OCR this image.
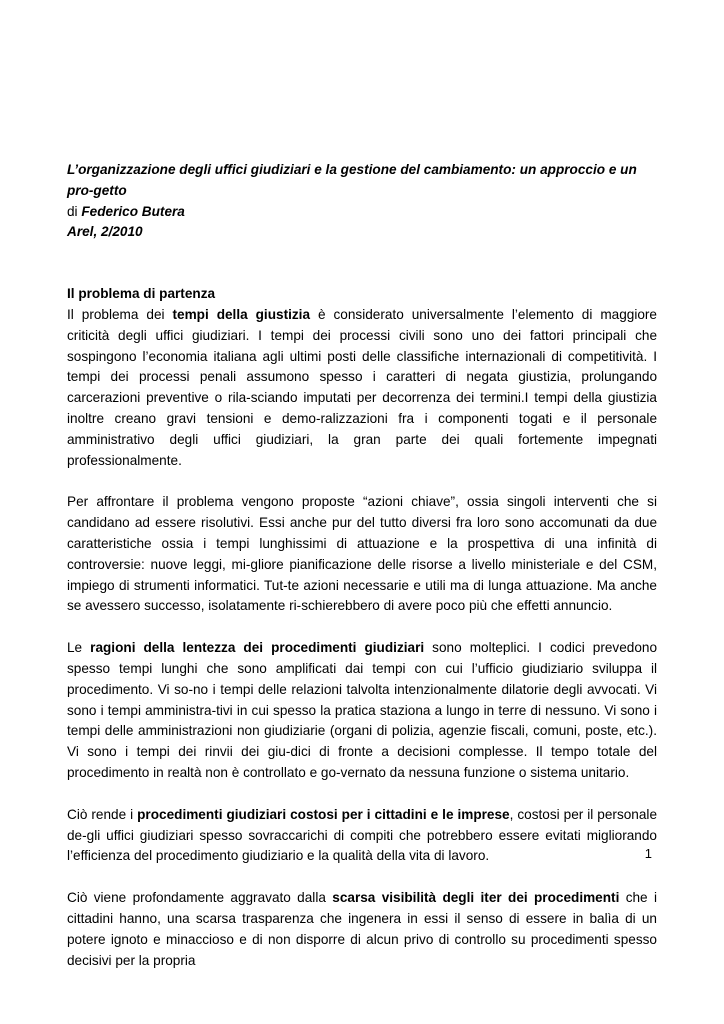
L’organizzazione degli uffici giudiziari e la gestione del cambiamento: un approccio e un pro-getto

di Federico Butera

Arel, 2/2010

Il problema di partenza

Il problema dei tempi della giustizia è considerato universalmente l’elemento di maggiore criticità degli uffici giudiziari. I tempi dei processi civili sono uno dei fattori principali che sospingono l’economia italiana agli ultimi posti delle classifiche internazionali di competitività. I tempi dei processi penali assumono spesso i caratteri di negata giustizia, prolungando carcerazioni preventive o rila-sciando imputati per decorrenza dei termini.I tempi della giustizia inoltre creano gravi tensioni e demo-ralizzazioni fra i componenti togati e il personale amministrativo degli uffici giudiziari, la gran parte dei quali fortemente impegnati professionalmente.

Per affrontare il problema vengono proposte “azioni chiave”, ossia singoli interventi che si candidano ad essere risolutivi. Essi anche pur del tutto diversi fra loro sono accomunati da due caratteristiche ossia i tempi lunghissimi di attuazione e la prospettiva di una infinità di controversie: nuove leggi, mi-gliore pianificazione delle risorse a livello ministeriale e del CSM, impiego di strumenti informatici. Tut-te azioni necessarie e utili ma di lunga attuazione. Ma anche se avessero successo, isolatamente ri-schierebbero di avere poco più che effetti annuncio.

Le ragioni della lentezza dei procedimenti giudiziari sono molteplici. I codici prevedono spesso tempi lunghi che sono amplificati dai tempi con cui l’ufficio giudiziario sviluppa il procedimento. Vi so-no i tempi delle relazioni talvolta intenzionalmente dilatorie degli avvocati. Vi sono i tempi amministra-tivi in cui spesso la pratica staziona a lungo in terre di nessuno. Vi sono i tempi delle amministrazioni non giudiziarie (organi di polizia, agenzie fiscali, comuni, poste, etc.). Vi sono i tempi dei rinvii dei giu-dici di fronte a decisioni complesse. Il tempo totale del procedimento in realtà non è controllato e go-vernato da nessuna funzione o sistema unitario.

Ciò rende i procedimenti giudiziari costosi per i cittadini e le imprese, costosi per il personale de-gli uffici giudiziari spesso sovraccarichi di compiti che potrebbero essere evitati migliorando l’efficienza del procedimento giudiziario e la qualità della vita di lavoro.

Ciò viene profondamente aggravato dalla scarsa visibilità degli iter dei procedimenti che i cittadini hanno, una scarsa trasparenza che ingenera in essi il senso di essere in balìa di un potere ignoto e minaccioso e di non disporre di alcun privo di controllo su procedimenti spesso decisivi per la propria

1
